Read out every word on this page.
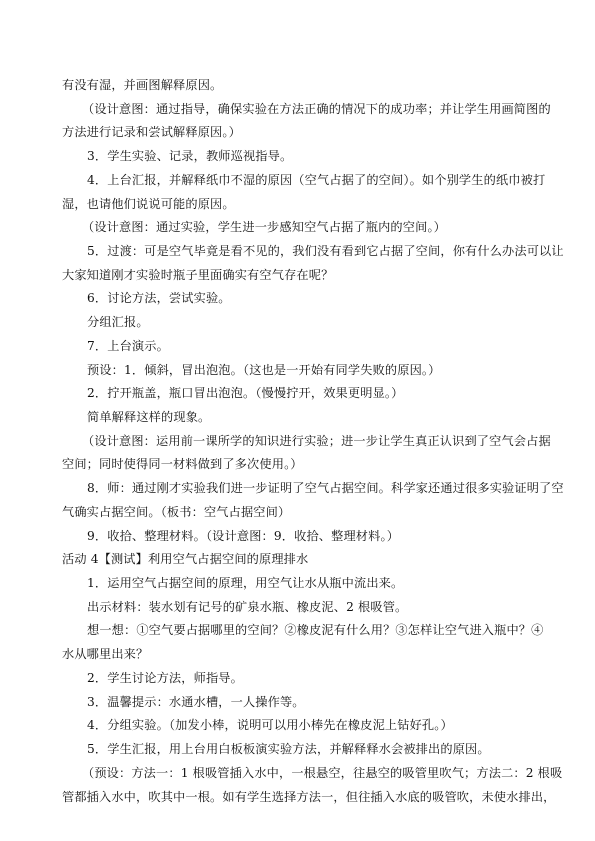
有没有湿，并画图解释原因。
（设计意图：通过指导，确保实验在方法正确的情况下的成功率；并让学生用画简图的
方法进行记录和尝试解释原因。）
3．学生实验、记录，教师巡视指导。
4．上台汇报，并解释纸巾不湿的原因（空气占据了的空间）。如个别学生的纸巾被打
湿，也请他们说说可能的原因。
（设计意图：通过实验，学生进一步感知空气占据了瓶内的空间。）
5．过渡：可是空气毕竟是看不见的，我们没有看到它占据了空间，你有什么办法可以让
大家知道刚才实验时瓶子里面确实有空气存在呢？
6．讨论方法，尝试实验。
分组汇报。
7．上台演示。
预设：1．倾斜，冒出泡泡。（这也是一开始有同学失败的原因。）
2．拧开瓶盖，瓶口冒出泡泡。（慢慢拧开，效果更明显。）
简单解释这样的现象。
（设计意图：运用前一课所学的知识进行实验；进一步让学生真正认识到了空气会占据
空间；同时使得同一材料做到了多次使用。）
8．师：通过刚才实验我们进一步证明了空气占据空间。科学家还通过很多实验证明了空
气确实占据空间。（板书：空气占据空间）
9．收拾、整理材料。（设计意图：9．收拾、整理材料。）
活动 4【测试】利用空气占据空间的原理排水
1．运用空气占据空间的原理，用空气让水从瓶中流出来。
出示材料：装水划有记号的矿泉水瓶、橡皮泥、2 根吸管。
想一想：①空气要占据哪里的空间？②橡皮泥有什么用？③怎样让空气进入瓶中？④
水从哪里出来？
2．学生讨论方法，师指导。
3．温馨提示：水通水槽，一人操作等。
4．分组实验。（加发小棒，说明可以用小棒先在橡皮泥上钻好孔。）
5．学生汇报，用上台用白板板演实验方法，并解释释水会被排出的原因。
（预设：方法一：1 根吸管插入水中，一根悬空，往悬空的吸管里吹气；方法二：2 根吸
管都插入水中，吹其中一根。如有学生选择方法一，但往插入水底的吸管吹，未使水排出，
